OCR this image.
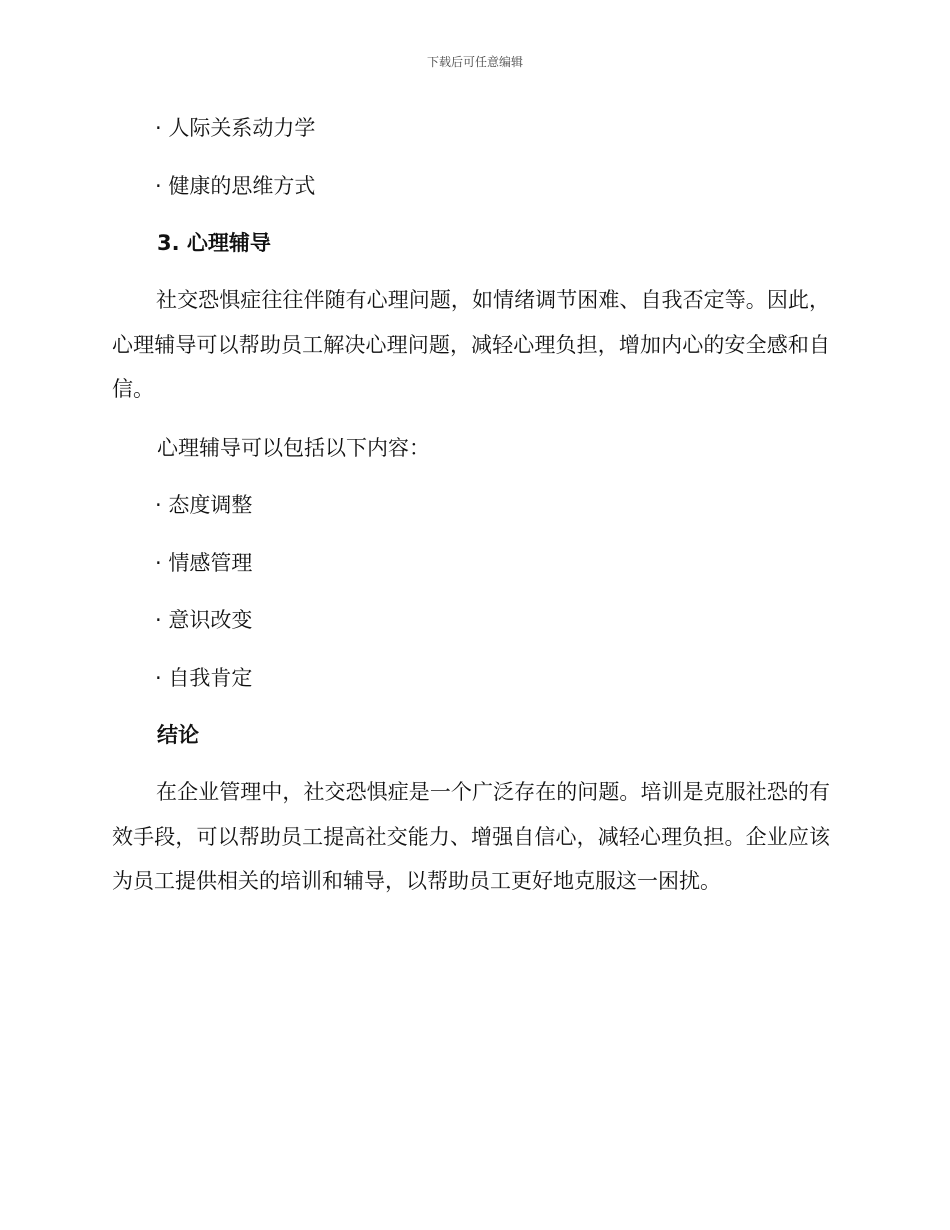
下载后可任意编辑
· 人际关系动力学
· 健康的思维方式
3. 心理辅导
社交恐惧症往往伴随有心理问题，如情绪调节困难、自我否定等。因此，心理辅导可以帮助员工解决心理问题，减轻心理负担，增加内心的安全感和自信。
心理辅导可以包括以下内容：
· 态度调整
· 情感管理
· 意识改变
· 自我肯定
结论
在企业管理中，社交恐惧症是一个广泛存在的问题。培训是克服社恐的有效手段，可以帮助员工提高社交能力、增强自信心，减轻心理负担。企业应该为员工提供相关的培训和辅导，以帮助员工更好地克服这一困扰。
